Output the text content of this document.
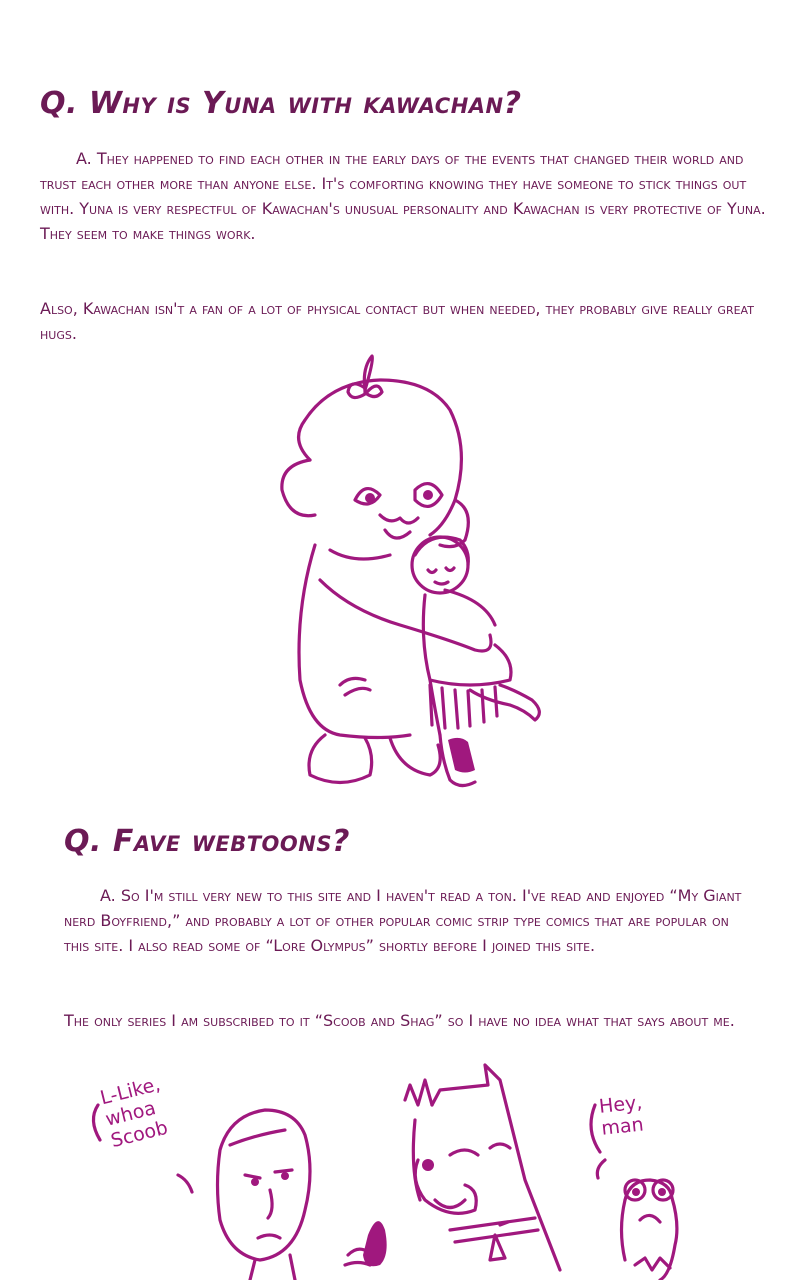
Q. Why is Yuna with kawachan?

A. They happened to find each other in the early days of the events that changed their world and trust each other more than anyone else. It's comforting knowing they have someone to stick things out with. Yuna is very respectful of Kawachan's unusual personality and Kawachan is very protective of Yuna. They seem to make things work.

Also, Kawachan isn't a fan of a lot of physical contact but when needed, they probably give really great hugs.

Q. Fave webtoons?

A. So I'm still very new to this site and I haven't read a ton. I've read and enjoyed “My Giant nerd Boyfriend,” and probably a lot of other popular comic strip type comics that are popular on this site. I also read some of “Lore Olympus” shortly before I joined this site.

The only series I am subscribed to it “Scoob and Shag” so I have no idea what that says about me.

L-Like, whoa Scoob
Hey, man
